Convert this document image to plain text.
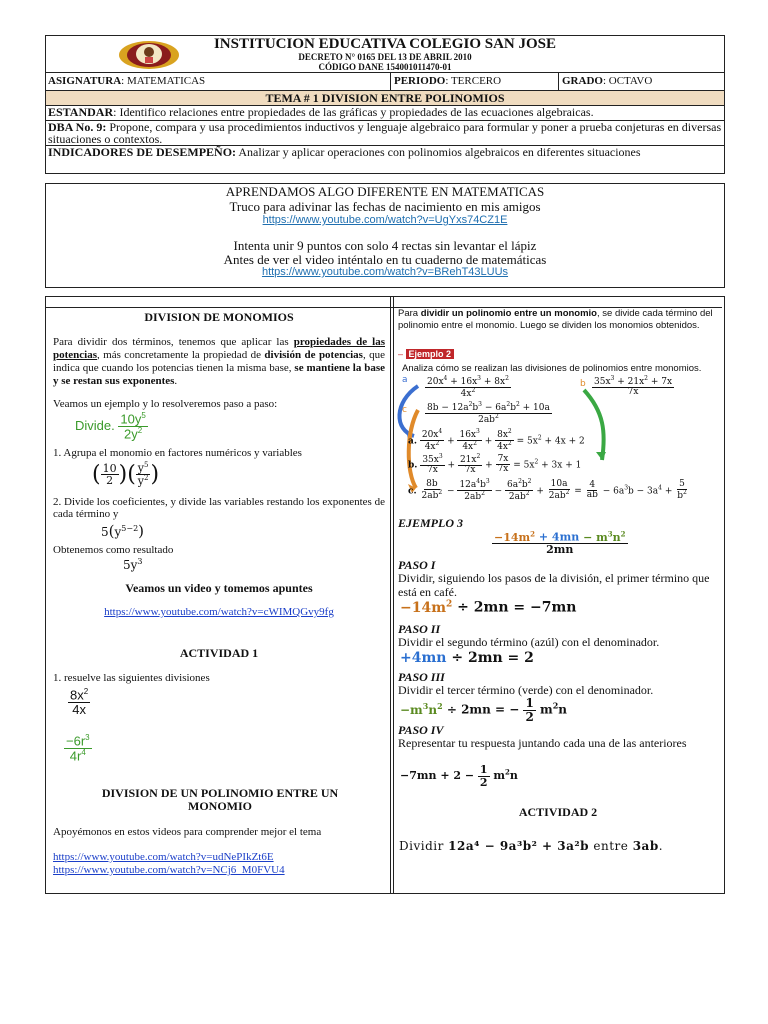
INSTITUCION EDUCATIVA COLEGIO SAN JOSE
DECRETO N° 0165 DEL 13 DE ABRIL 2010
CÓDIGO DANE 154001011470-01
ASIGNATURA: MATEMATICAS	PERIODO: TERCERO	GRADO: OCTAVO
TEMA # 1 DIVISION ENTRE POLINOMIOS
ESTANDAR: Identifico relaciones entre propiedades de las gráficas y propiedades de las ecuaciones algebraicas.
DBA No. 9: Propone, compara y usa procedimientos inductivos y lenguaje algebraico para formular y poner a prueba conjeturas en diversas situaciones o contextos.
INDICADORES DE DESEMPEÑO: Analizar y aplicar operaciones con polinomios algebraicos en diferentes situaciones
APRENDAMOS ALGO DIFERENTE EN MATEMATICAS
Truco para adivinar las fechas de nacimiento en mis amigos
https://www.youtube.com/watch?v=UgYxs74CZ1E
Intenta unir 9 puntos con solo 4 rectas sin levantar el lápiz
Antes de ver el video inténtalo en tu cuaderno de matemáticas
https://www.youtube.com/watch?v=BRehT43LUUs
DIVISION DE MONOMIOS
Para dividir dos términos, tenemos que aplicar las propiedades de las potencias, más concretamente la propiedad de división de potencias, que indica que cuando los potencias tienen la misma base, se mantiene la base y se restan sus exponentes.
Veamos un ejemplo y lo resolveremos paso a paso:
Divide. $\frac{10y^5}{2y^2}$
1. Agrupa el monomio en factores numéricos y variables
( $\frac{10}{2}$ )( $\frac{y^5}{y^2}$ )
2. Divide los coeficientes, y divide las variables restando los exponentes de cada término y
$5(y^{5-2})$
Obtenemos como resultado
$5y^3$
Veamos un video y tomemos apuntes
https://www.youtube.com/watch?v=cWIMQGvy9fg
ACTIVIDAD 1
1. resuelve las siguientes divisiones
$\frac{8x^2}{4x}$
$\frac{-6r^3}{4r^4}$
DIVISION DE UN POLINOMIO ENTRE UN MONOMIO
Apoyémonos en estos videos para comprender mejor el tema
https://www.youtube.com/watch?v=udNePIkZt6E
https://www.youtube.com/watch?v=NCj6_M0FVU4
Para dividir un polinomio entre un monomio, se divide cada término del polinomio entre el monomio. Luego se dividen los monomios obtenidos.
– Ejemplo 2
Analiza cómo se realizan las divisiones de polinomios entre monomios.
a	b
c
$\frac{20x^4 + 16x^3 + 8x^2}{4x^2}$	$\frac{35x^3 + 21x^2 + 7x}{7x}$
$\frac{8b - 12a^2b^3 - 6a^2b^2 + 10a}{2ab^2}$
a. $\frac{20x^4}{4x^2} + \frac{16x^3}{4x^2} + \frac{8x^2}{4x^2} = 5x^2 + 4x + 2$
b. $\frac{35x^3}{7x} + \frac{21x^2}{7x} + \frac{7x}{7x} = 5x^2 + 3x + 1$
c. $\frac{8b}{2ab^2} - \frac{12a^4b^3}{2ab^2} - \frac{6a^2b^2}{2ab^2} + \frac{10a}{2ab^2} = \frac{4}{ab} - 6a^3b - 3a^4 + \frac{5}{b^2}$
EJEMPLO 3
$\frac{-14m^2 + 4mn - m^3n^2}{2mn}$
PASO I
Dividir, siguiendo los pasos de la división, el primer término que está en café.
$-14m^2 \div 2mn = -7mn$
PASO II
Dividir el segundo término (azúl) con el denominador.
+4mn ÷ 2mn = 2
PASO III
Dividir el tercer término (verde) con el denominador.
$-m^3n^2 \div 2mn$ = − $\frac{1}{2} m^2n$
PASO IV
Representar tu respuesta juntando cada una de las anteriores
$-7mn + 2 - \frac{1}{2} m^2n$
ACTIVIDAD 2
Dividir 12a⁴ − 9a³b² + 3a²b entre 3ab.
